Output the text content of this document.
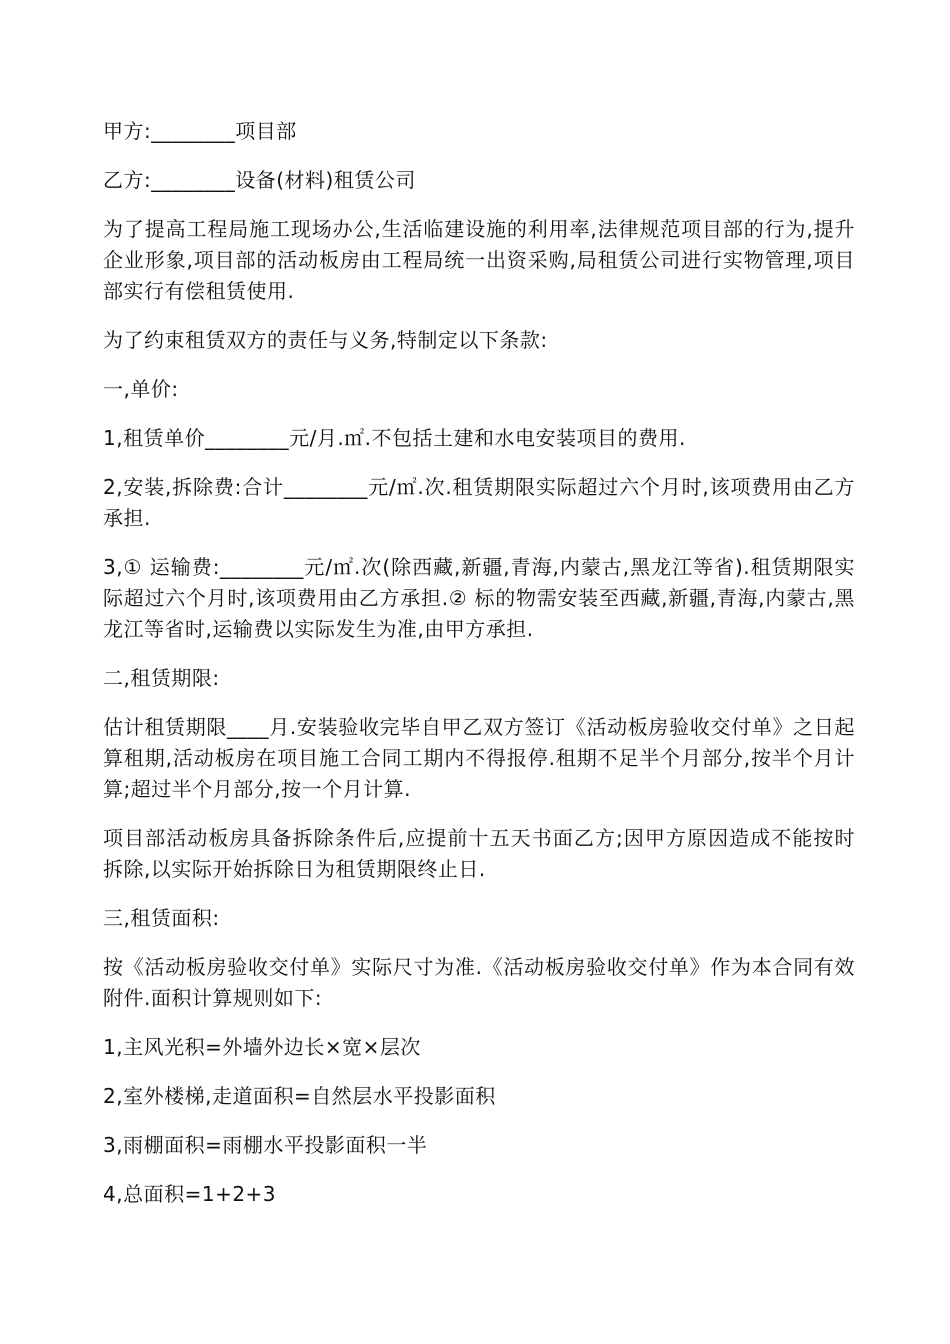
甲方:________项目部

乙方:________设备(材料)租赁公司

为了提高工程局施工现场办公,生活临建设施的利用率,法律规范项目部的行为,提升企业形象,项目部的活动板房由工程局统一出资采购,局租赁公司进行实物管理,项目部实行有偿租赁使用.

为了约束租赁双方的责任与义务,特制定以下条款:

一,单价:

1,租赁单价________元/月.㎡.不包括土建和水电安装项目的费用.

2,安装,拆除费:合计________元/㎡.次.租赁期限实际超过六个月时,该项费用由乙方承担.

3,① 运输费:________元/㎡.次(除西藏,新疆,青海,内蒙古,黑龙江等省).租赁期限实际超过六个月时,该项费用由乙方承担.② 标的物需安装至西藏,新疆,青海,内蒙古,黑龙江等省时,运输费以实际发生为准,由甲方承担.

二,租赁期限:

估计租赁期限____月.安装验收完毕自甲乙双方签订《活动板房验收交付单》之日起算租期,活动板房在项目施工合同工期内不得报停.租期不足半个月部分,按半个月计算;超过半个月部分,按一个月计算.

项目部活动板房具备拆除条件后,应提前十五天书面乙方;因甲方原因造成不能按时拆除,以实际开始拆除日为租赁期限终止日.

三,租赁面积:

按《活动板房验收交付单》实际尺寸为准.《活动板房验收交付单》作为本合同有效附件.面积计算规则如下:

1,主风光积=外墙外边长×宽×层次

2,室外楼梯,走道面积=自然层水平投影面积

3,雨棚面积=雨棚水平投影面积一半

4,总面积=1+2+3
